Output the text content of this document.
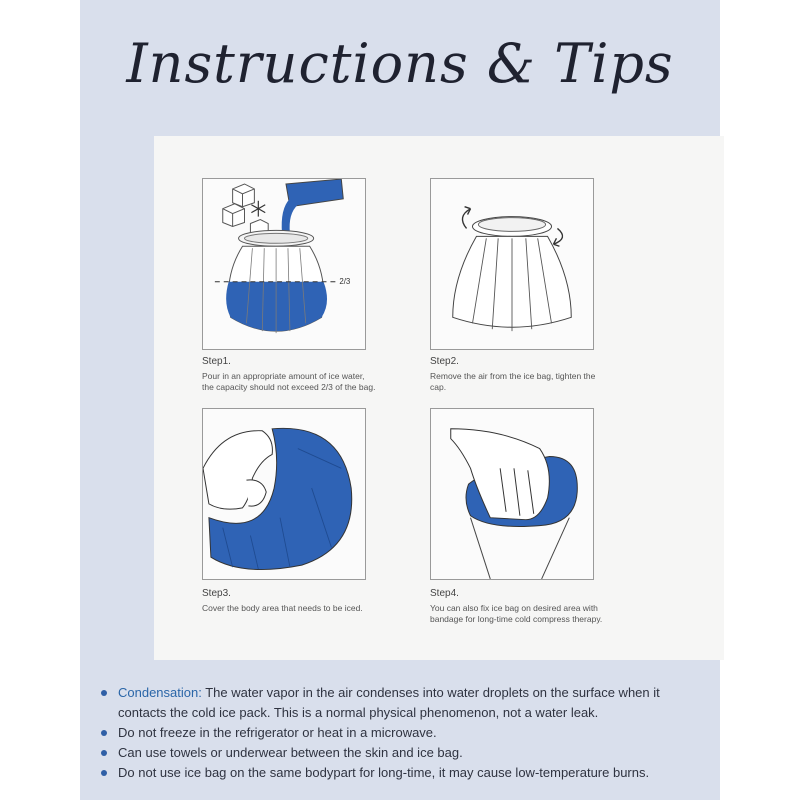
Instructions & Tips
2/3
Step1.
Pour in an appropriate amount of ice water, the capacity should not exceed 2/3 of the bag.
Step2.
Remove the air from the ice bag, tighten the cap.
Step3.
Cover the body area that needs to be iced.
Step4.
You can also fix ice bag on desired area with bandage for long-time cold compress therapy.
Condensation: The water vapor in the air condenses into water droplets on the surface when it contacts the cold ice pack. This is a normal physical phenomenon, not a water leak.
Do not freeze in the refrigerator or heat in a microwave.
Can use towels or underwear between the skin and ice bag.
Do not use ice bag on the same bodypart for long-time, it may cause low-temperature burns.
